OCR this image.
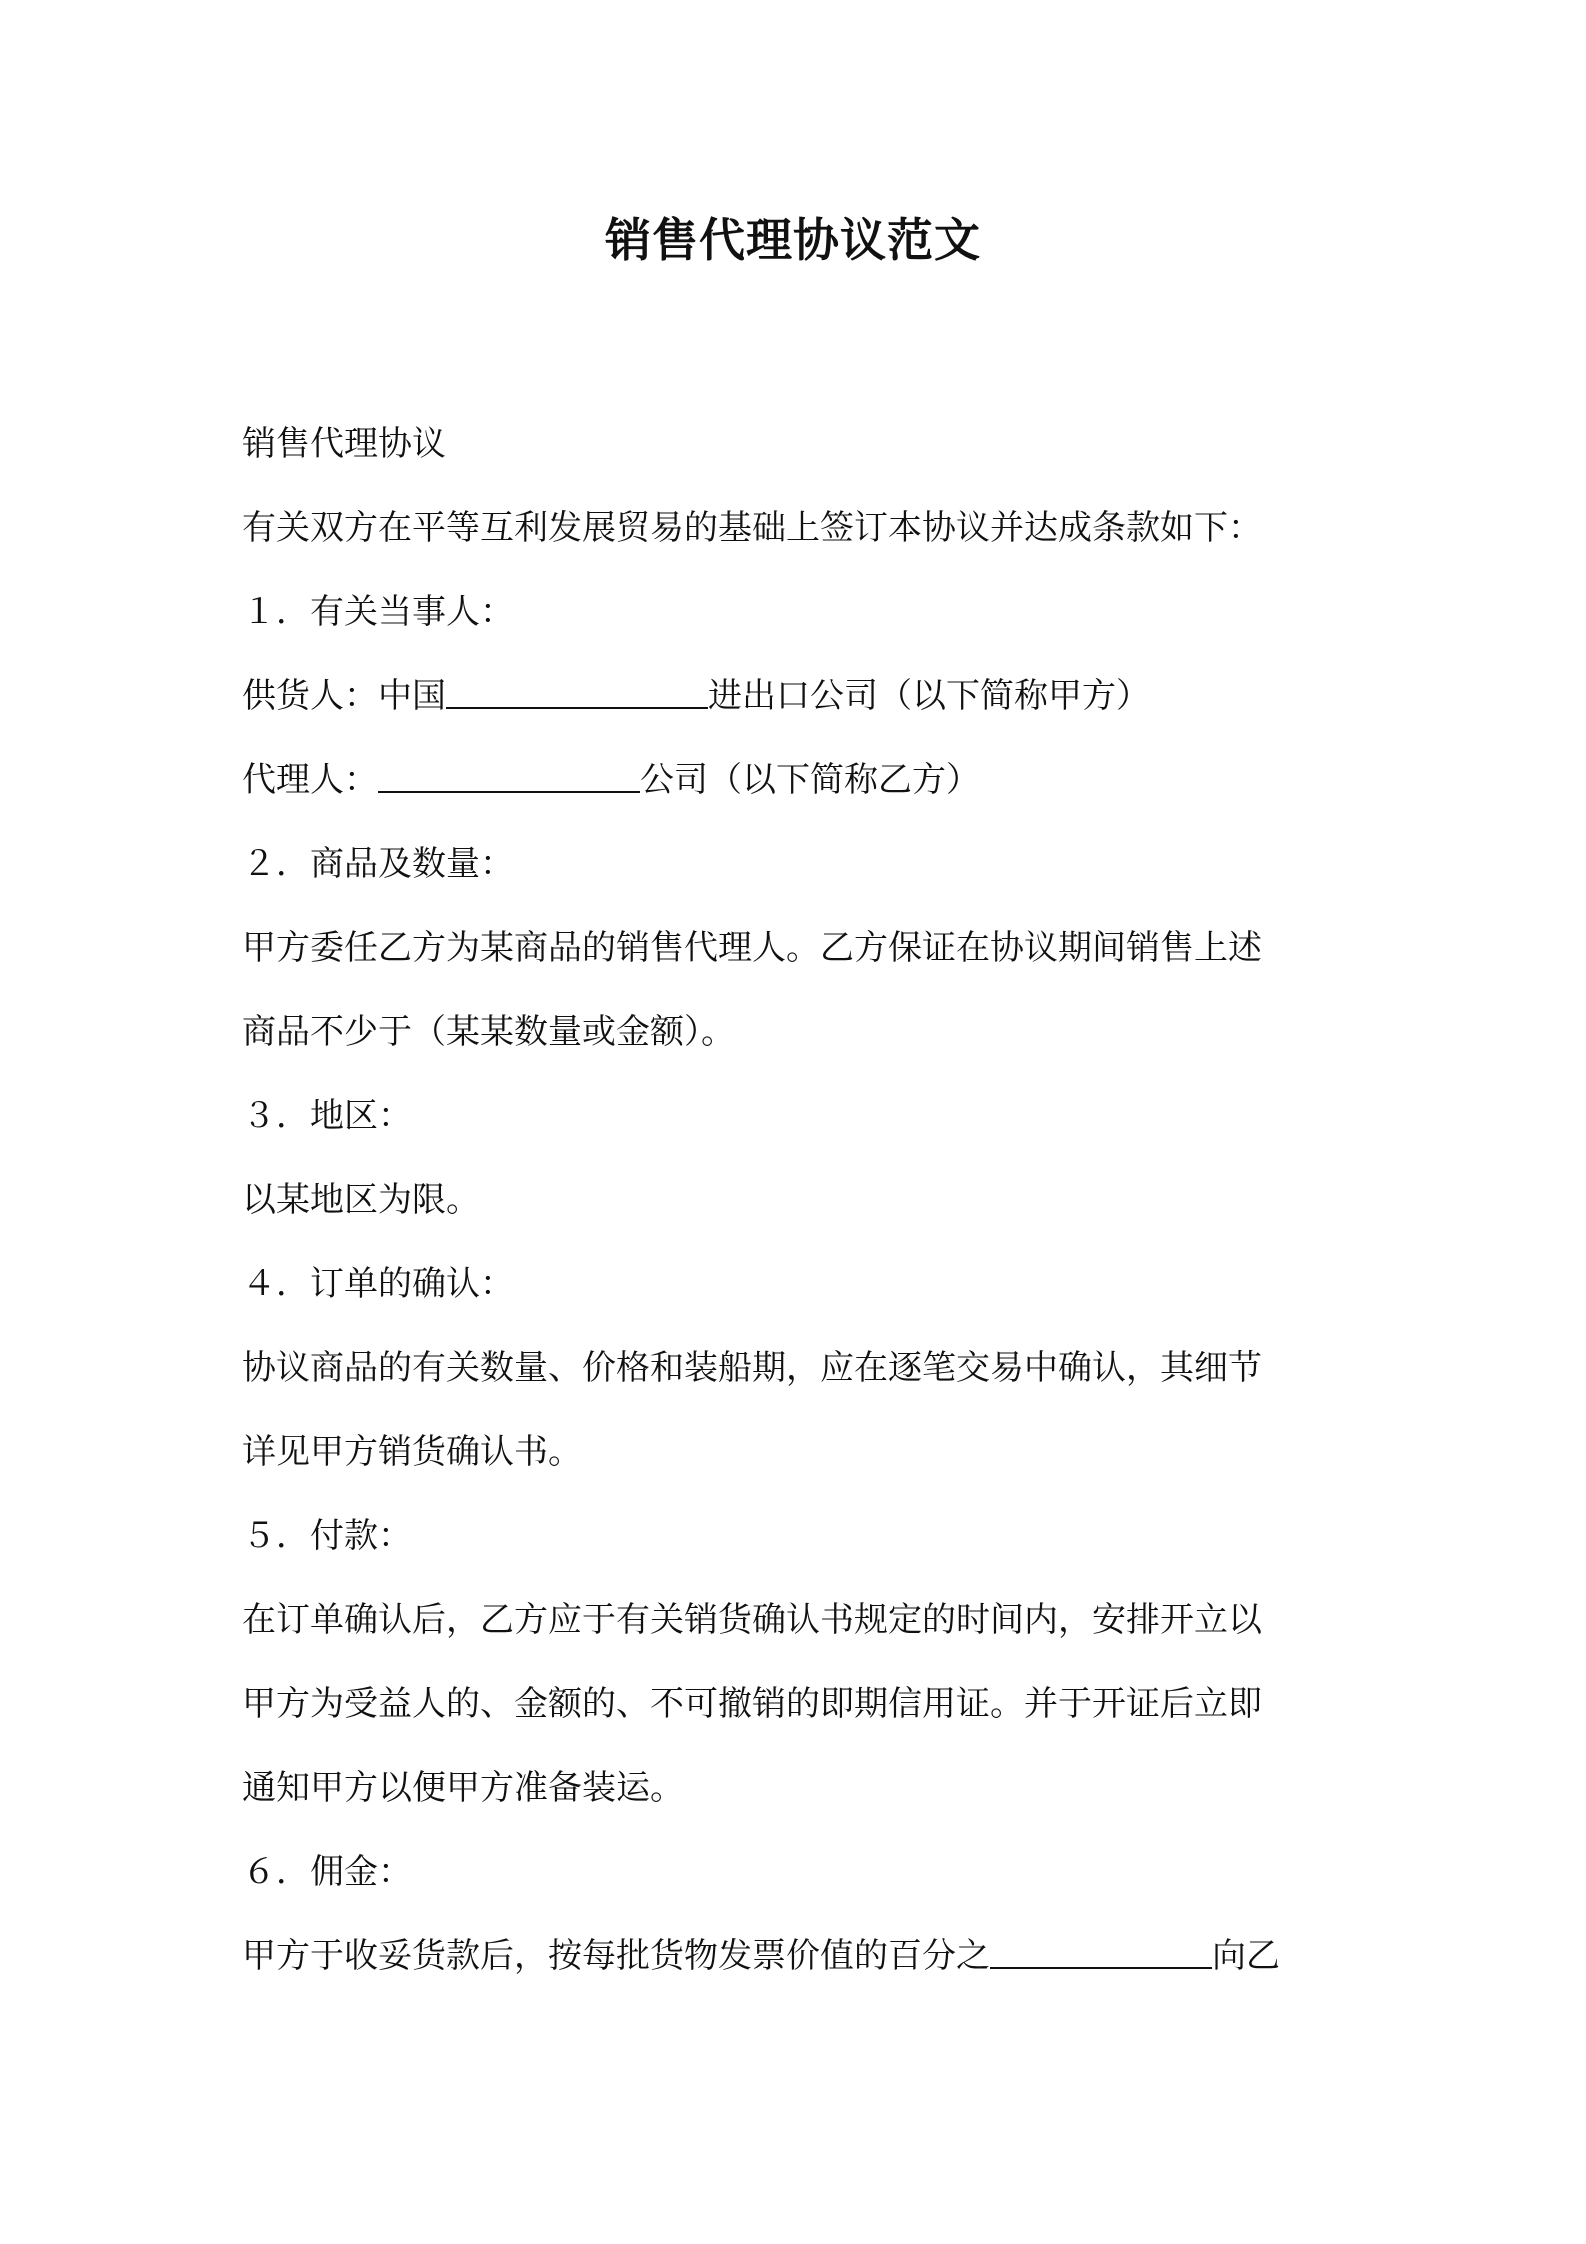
销售代理协议范文
销售代理协议
有关双方在平等互利发展贸易的基础上签订本协议并达成条款如下：
１．有关当事人：
供货人：中国	进出口公司（以下简称甲方）
代理人：	公司（以下简称乙方）
２．商品及数量：
甲方委任乙方为某商品的销售代理人。乙方保证在协议期间销售上述
商品不少于（某某数量或金额）。
３．地区：
以某地区为限。
４．订单的确认：
协议商品的有关数量、价格和装船期，应在逐笔交易中确认，其细节
详见甲方销货确认书。
５．付款：
在订单确认后，乙方应于有关销货确认书规定的时间内，安排开立以
甲方为受益人的、金额的、不可撤销的即期信用证。并于开证后立即
通知甲方以便甲方准备装运。
６．佣金：
甲方于收妥货款后，按每批货物发票价值的百分之	向乙
